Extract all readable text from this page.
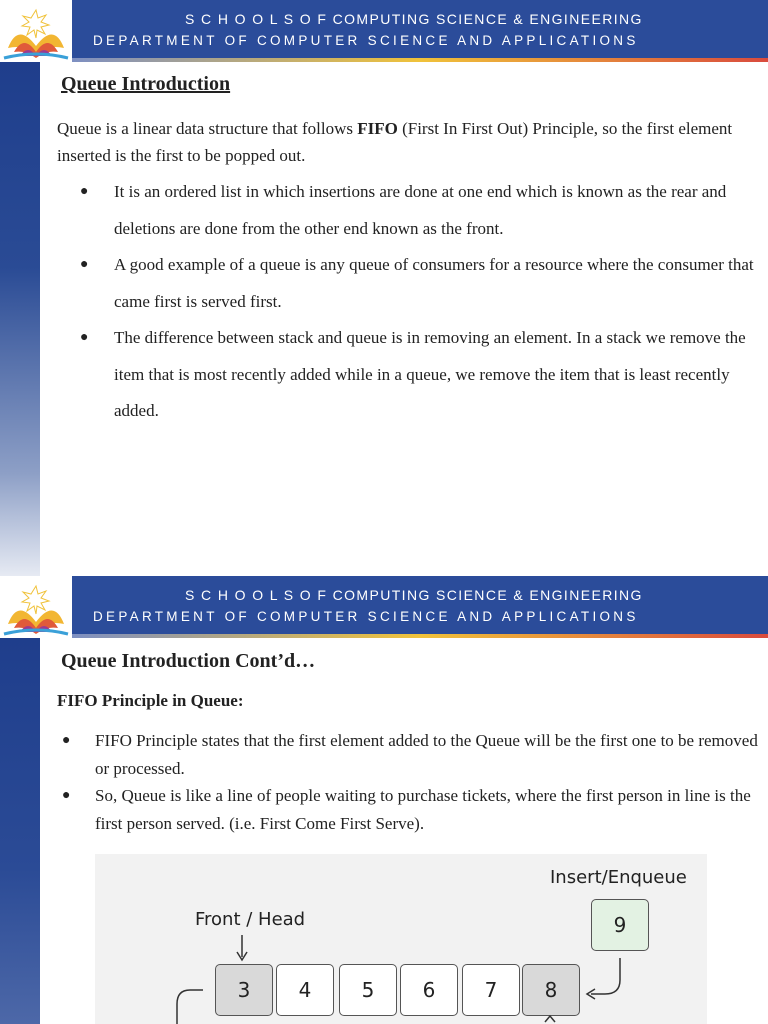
S C H O O L S O F COMPUTING SCIENCE & ENGINEERING
DEPARTMENT OF COMPUTER SCIENCE AND APPLICATIONS
Queue Introduction
Queue is a linear data structure that follows FIFO (First In First Out) Principle, so the first element inserted is the first to be popped out.
● It is an ordered list in which insertions are done at one end which is known as the rear and deletions are done from the other end known as the front.
● A good example of a queue is any queue of consumers for a resource where the consumer that came first is served first.
● The difference between stack and queue is in removing an element. In a stack we remove the item that is most recently added while in a queue, we remove the item that is least recently added.
S C H O O L S O F COMPUTING SCIENCE & ENGINEERING
DEPARTMENT OF COMPUTER SCIENCE AND APPLICATIONS
Queue Introduction Cont’d…
FIFO Principle in Queue:
● FIFO Principle states that the first element added to the Queue will be the first one to be removed or processed.
● So, Queue is like a line of people waiting to purchase tickets, where the first person in line is the first person served. (i.e. First Come First Serve).
Insert/Enqueue
Front / Head	9
3	4	5	6	7	8
